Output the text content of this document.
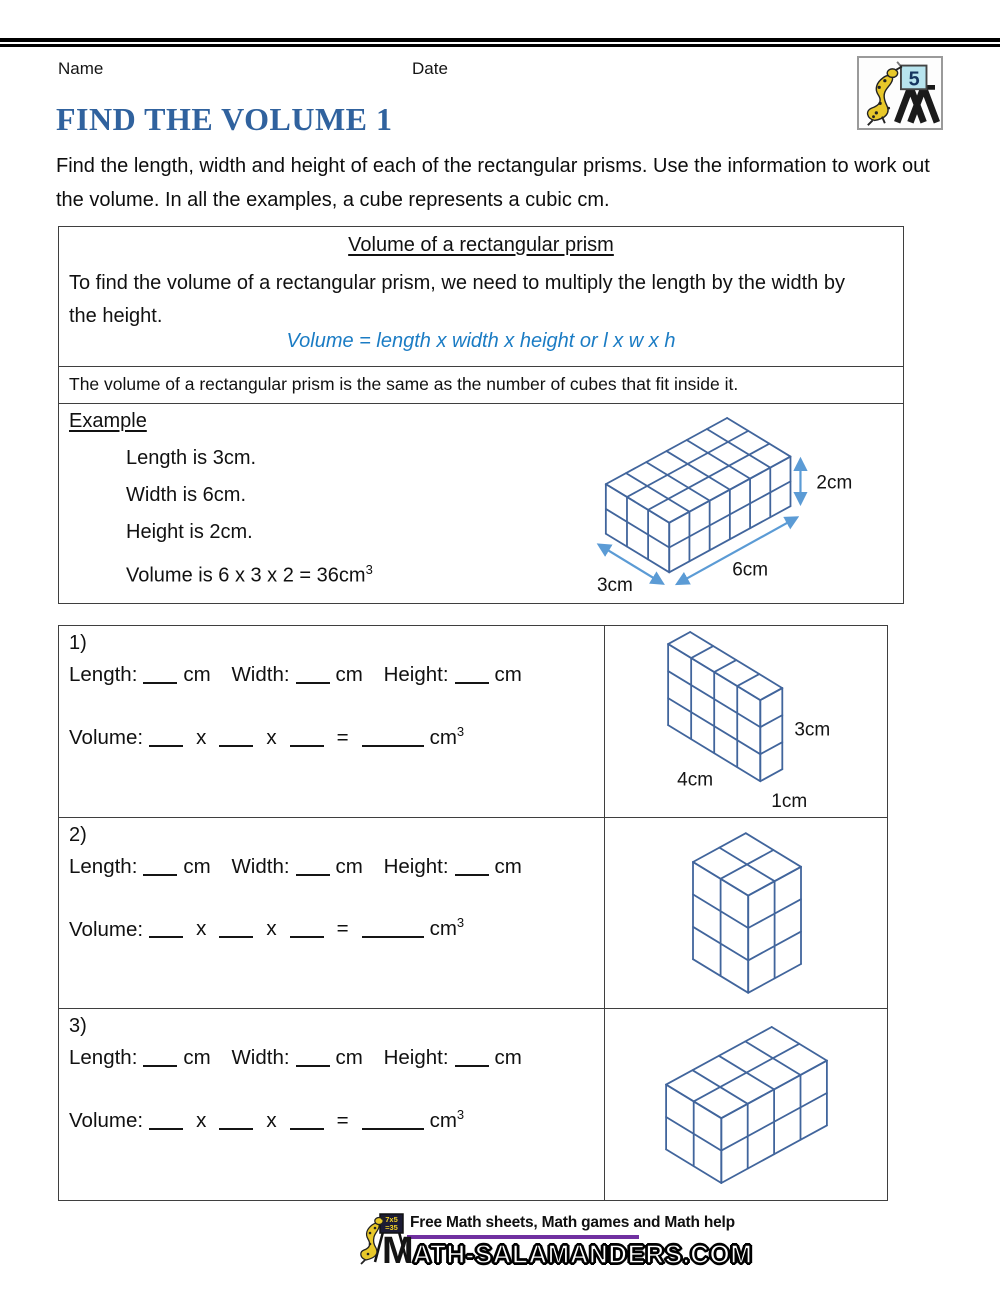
Name	Date	5
FIND THE VOLUME 1

Find the length, width and height of each of the rectangular prisms. Use the information to work out the volume. In all the examples, a cube represents a cubic cm.

Volume of a rectangular prism
To find the volume of a rectangular prism, we need to multiply the length by the width by the height.
Volume = length x width x height or l x w x h
The volume of a rectangular prism is the same as the number of cubes that fit inside it.
Example
Length is 3cm.
Width is 6cm.
Height is 2cm.
Volume is 6 x 3 x $2 = 36cm^3$
2cm
6cm
3cm
1)
Length: cm Width: cm Height: cm
Volume:	x	x	=	$cm^3$	3cm
1cm
4cm
2)
Length: cm Width: cm Height: cm
Volume:	x	x	=	$cm^3$
3)
Length: cm Width: cm Height: cm
Volume:	x	x	=	$cm^3$
7x5
=35 Free Math sheets, Math games and Math help
MATH-SALAMANDERS.COM
